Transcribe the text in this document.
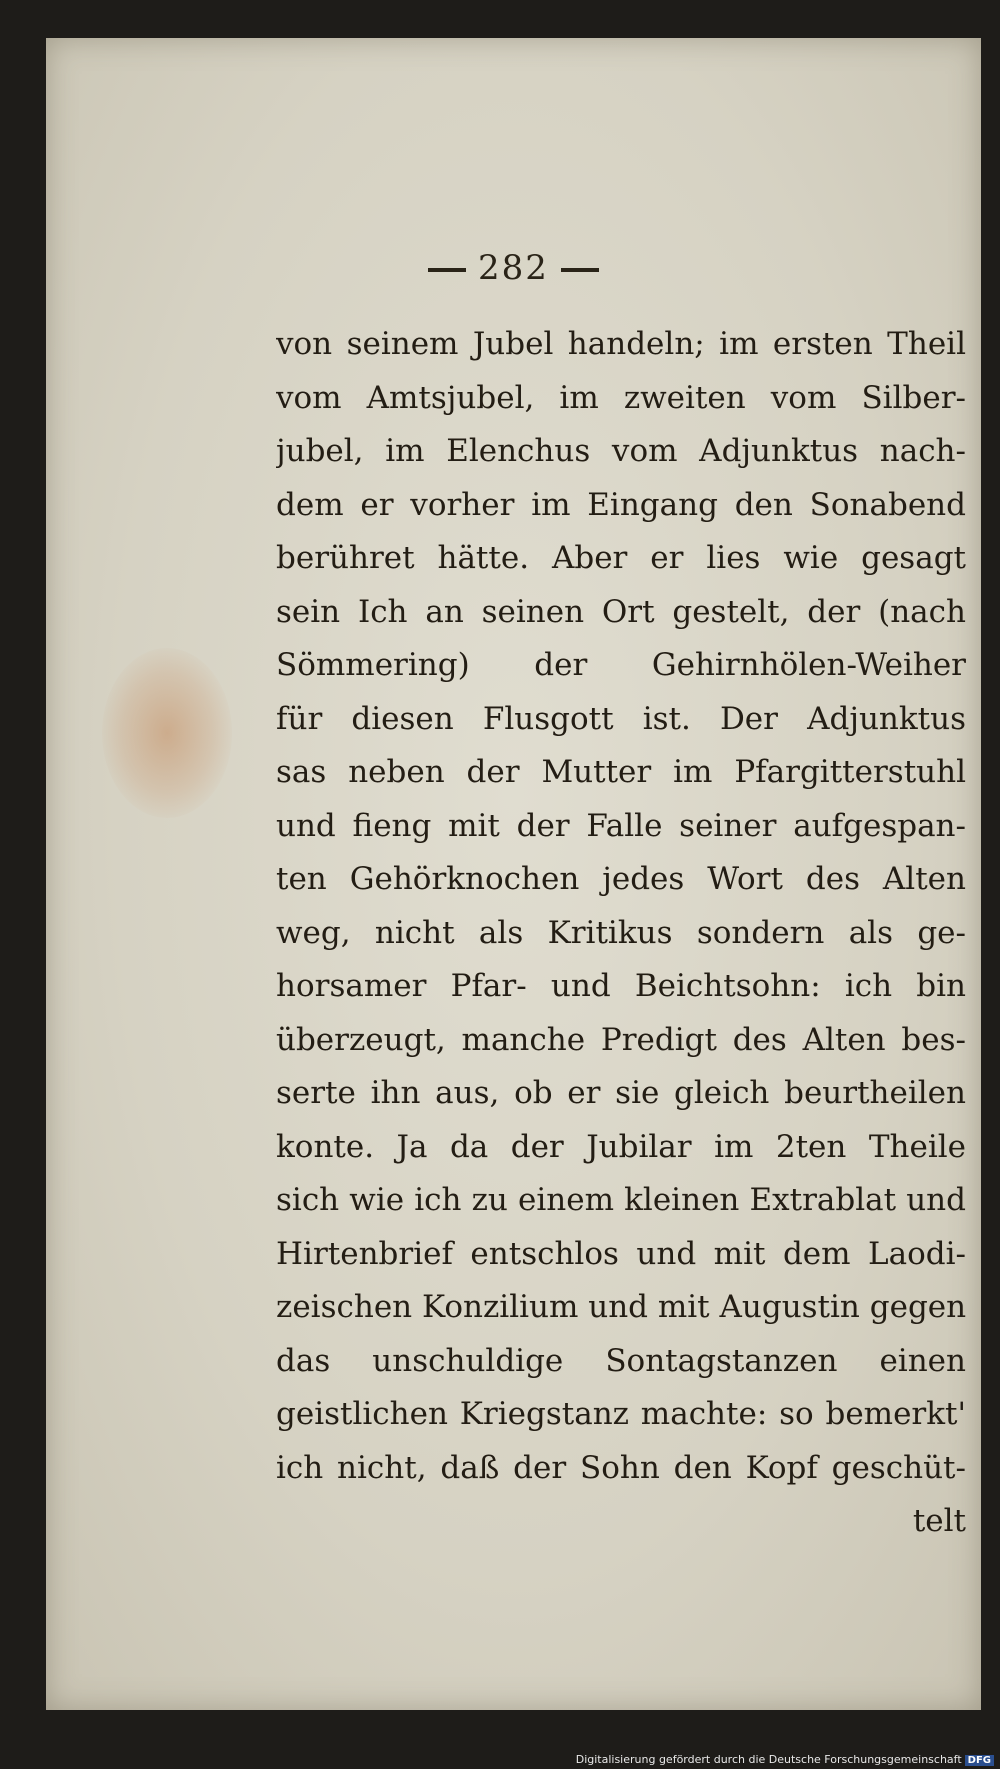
282
von seinem Jubel handeln; im ersten Theil
vom Amtsjubel, im zweiten vom Silber-
jubel, im Elenchus vom Adjunktus nach-
dem er vorher im Eingang den Sonabend
berühret hätte. Aber er lies wie gesagt
sein Ich an seinen Ort gestelt, der (nach
Sömmering) der Gehirnhölen-Weiher
für diesen Flusgott ist. Der Adjunktus
sas neben der Mutter im Pfargitterstuhl
und fieng mit der Falle seiner aufgespan-
ten Gehörknochen jedes Wort des Alten
weg, nicht als Kritikus sondern als ge-
horsamer Pfar- und Beichtsohn: ich bin
überzeugt, manche Predigt des Alten bes-
serte ihn aus, ob er sie gleich beurtheilen
konte. Ja da der Jubilar im 2ten Theile
sich wie ich zu einem kleinen Extrablat und
Hirtenbrief entschlos und mit dem Laodi-
zeischen Konzilium und mit Augustin gegen
das unschuldige Sontagstanzen einen
geistlichen Kriegstanz machte: so bemerkt'
ich nicht, daß der Sohn den Kopf geschüt-
telt
Digitalisierung gefördert durch die Deutsche Forschungsgemeinschaft DFG
